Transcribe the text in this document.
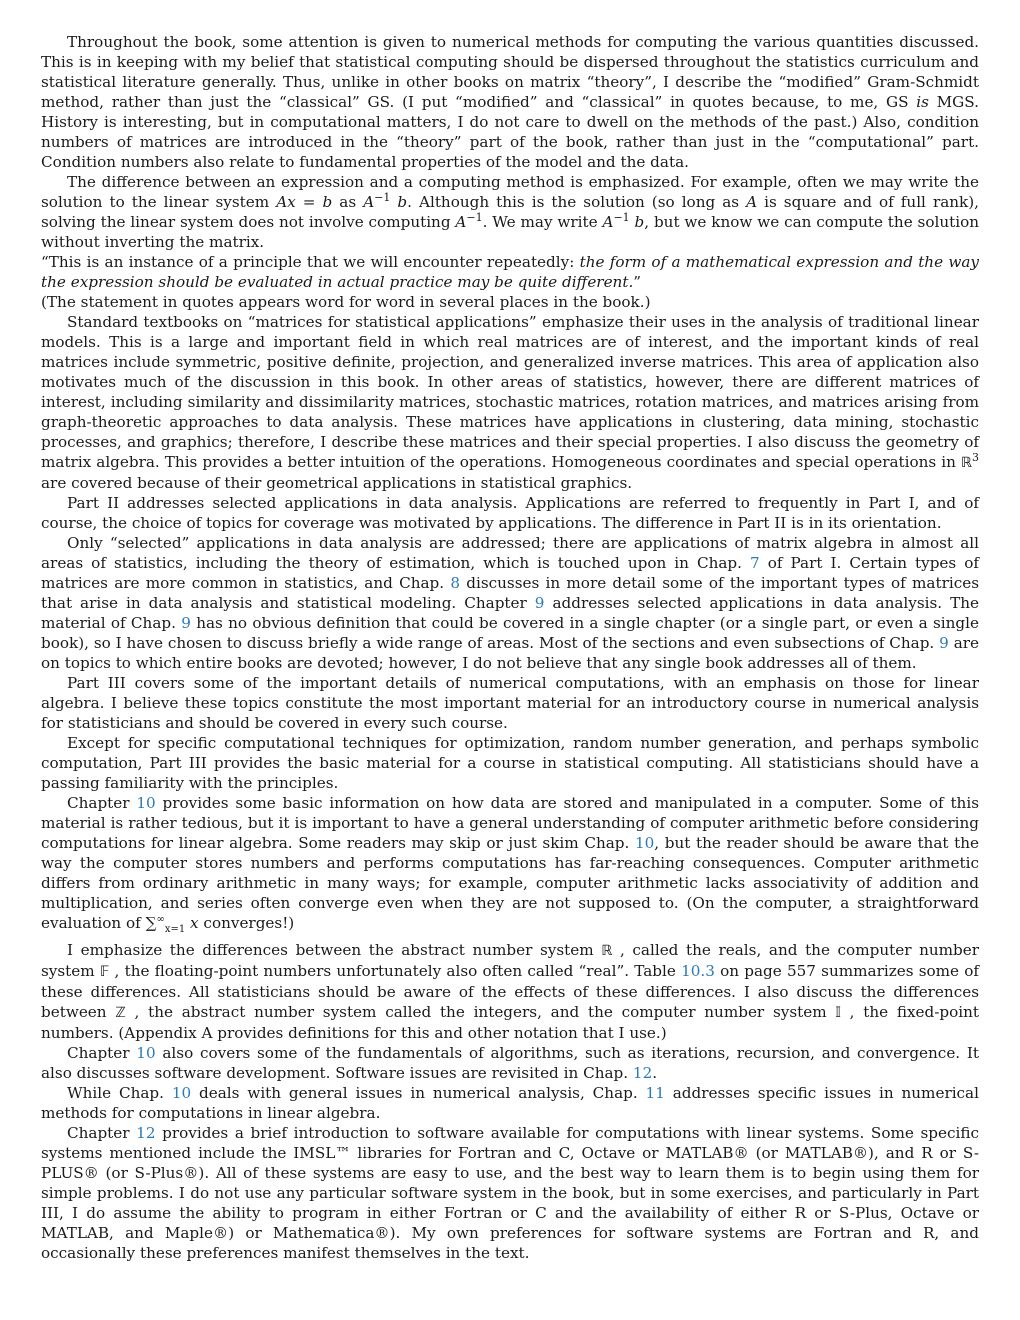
Throughout the book, some attention is given to numerical methods for computing the various quantities discussed. This is in keeping with my belief that statistical computing should be dispersed throughout the statistics curriculum and statistical literature generally. Thus, unlike in other books on matrix “theory”, I describe the “modified” Gram-Schmidt method, rather than just the “classical” GS. (I put “modified” and “classical” in quotes because, to me, GS is MGS. History is interesting, but in computational matters, I do not care to dwell on the methods of the past.) Also, condition numbers of matrices are introduced in the “theory” part of the book, rather than just in the “computational” part. Condition numbers also relate to fundamental properties of the model and the data.

The difference between an expression and a computing method is emphasized. For example, often we may write the solution to the linear system Ax = b as $A^{-1}$ b. Although this is the solution (so long as A is square and of full rank), solving the linear system does not involve computing $A^{-1}$. We may write $A^{-1}$ b, but we know we can compute the solution without inverting the matrix.

“This is an instance of a principle that we will encounter repeatedly: the form of a mathematical expression and the way the expression should be evaluated in actual practice may be quite different.”

(The statement in quotes appears word for word in several places in the book.)

Standard textbooks on “matrices for statistical applications” emphasize their uses in the analysis of traditional linear models. This is a large and important field in which real matrices are of interest, and the important kinds of real matrices include symmetric, positive definite, projection, and generalized inverse matrices. This area of application also motivates much of the discussion in this book. In other areas of statistics, however, there are different matrices of interest, including similarity and dissimilarity matrices, stochastic matrices, rotation matrices, and matrices arising from graph-theoretic approaches to data analysis. These matrices have applications in clustering, data mining, stochastic processes, and graphics; therefore, I describe these matrices and their special properties. I also discuss the geometry of matrix algebra. This provides a better intuition of the operations. Homogeneous coordinates and special operations in ℝ$^3$ are covered because of their geometrical applications in statistical graphics.

Part II addresses selected applications in data analysis. Applications are referred to frequently in Part I, and of course, the choice of topics for coverage was motivated by applications. The difference in Part II is in its orientation.

Only “selected” applications in data analysis are addressed; there are applications of matrix algebra in almost all areas of statistics, including the theory of estimation, which is touched upon in Chap. 7 of Part I. Certain types of matrices are more common in statistics, and Chap. 8 discusses in more detail some of the important types of matrices that arise in data analysis and statistical modeling. Chapter 9 addresses selected applications in data analysis. The material of Chap. 9 has no obvious definition that could be covered in a single chapter (or a single part, or even a single book), so I have chosen to discuss briefly a wide range of areas. Most of the sections and even subsections of Chap. 9 are on topics to which entire books are devoted; however, I do not believe that any single book addresses all of them.

Part III covers some of the important details of numerical computations, with an emphasis on those for linear algebra. I believe these topics constitute the most important material for an introductory course in numerical analysis for statisticians and should be covered in every such course.

Except for specific computational techniques for optimization, random number generation, and perhaps symbolic computation, Part III provides the basic material for a course in statistical computing. All statisticians should have a passing familiarity with the principles.

Chapter 10 provides some basic information on how data are stored and manipulated in a computer. Some of this material is rather tedious, but it is important to have a general understanding of computer arithmetic before considering computations for linear algebra. Some readers may skip or just skim Chap. 10, but the reader should be aware that the way the computer stores numbers and performs computations has far-reaching consequences. Computer arithmetic differs from ordinary arithmetic in many ways; for example, computer arithmetic lacks associativity of addition and multiplication, and series often converge even when they are not supposed to. (On the computer, a straightforward evaluation of $\sum^\infty_{x=1}$ x converges!)

I emphasize the differences between the abstract number system ℝ , called the reals, and the computer number system 𝔽 , the floating-point numbers unfortunately also often called “real”. Table 10.3 on page 557 summarizes some of these differences. All statisticians should be aware of the effects of these differences. I also discuss the differences between ℤ , the abstract number system called the integers, and the computer number system 𝕀 , the fixed-point numbers. (Appendix A provides definitions for this and other notation that I use.)

Chapter 10 also covers some of the fundamentals of algorithms, such as iterations, recursion, and convergence. It also discusses software development. Software issues are revisited in Chap. 12.

While Chap. 10 deals with general issues in numerical analysis, Chap. 11 addresses specific issues in numerical methods for computations in linear algebra.

Chapter 12 provides a brief introduction to software available for computations with linear systems. Some specific systems mentioned include the IMSL™ libraries for Fortran and C, Octave or MATLAB® (or MATLAB®), and R or S-PLUS® (or S-Plus®). All of these systems are easy to use, and the best way to learn them is to begin using them for simple problems. I do not use any particular software system in the book, but in some exercises, and particularly in Part III, I do assume the ability to program in either Fortran or C and the availability of either R or S-Plus, Octave or MATLAB, and Maple®) or Mathematica®). My own preferences for software systems are Fortran and R, and occasionally these preferences manifest themselves in the text.
